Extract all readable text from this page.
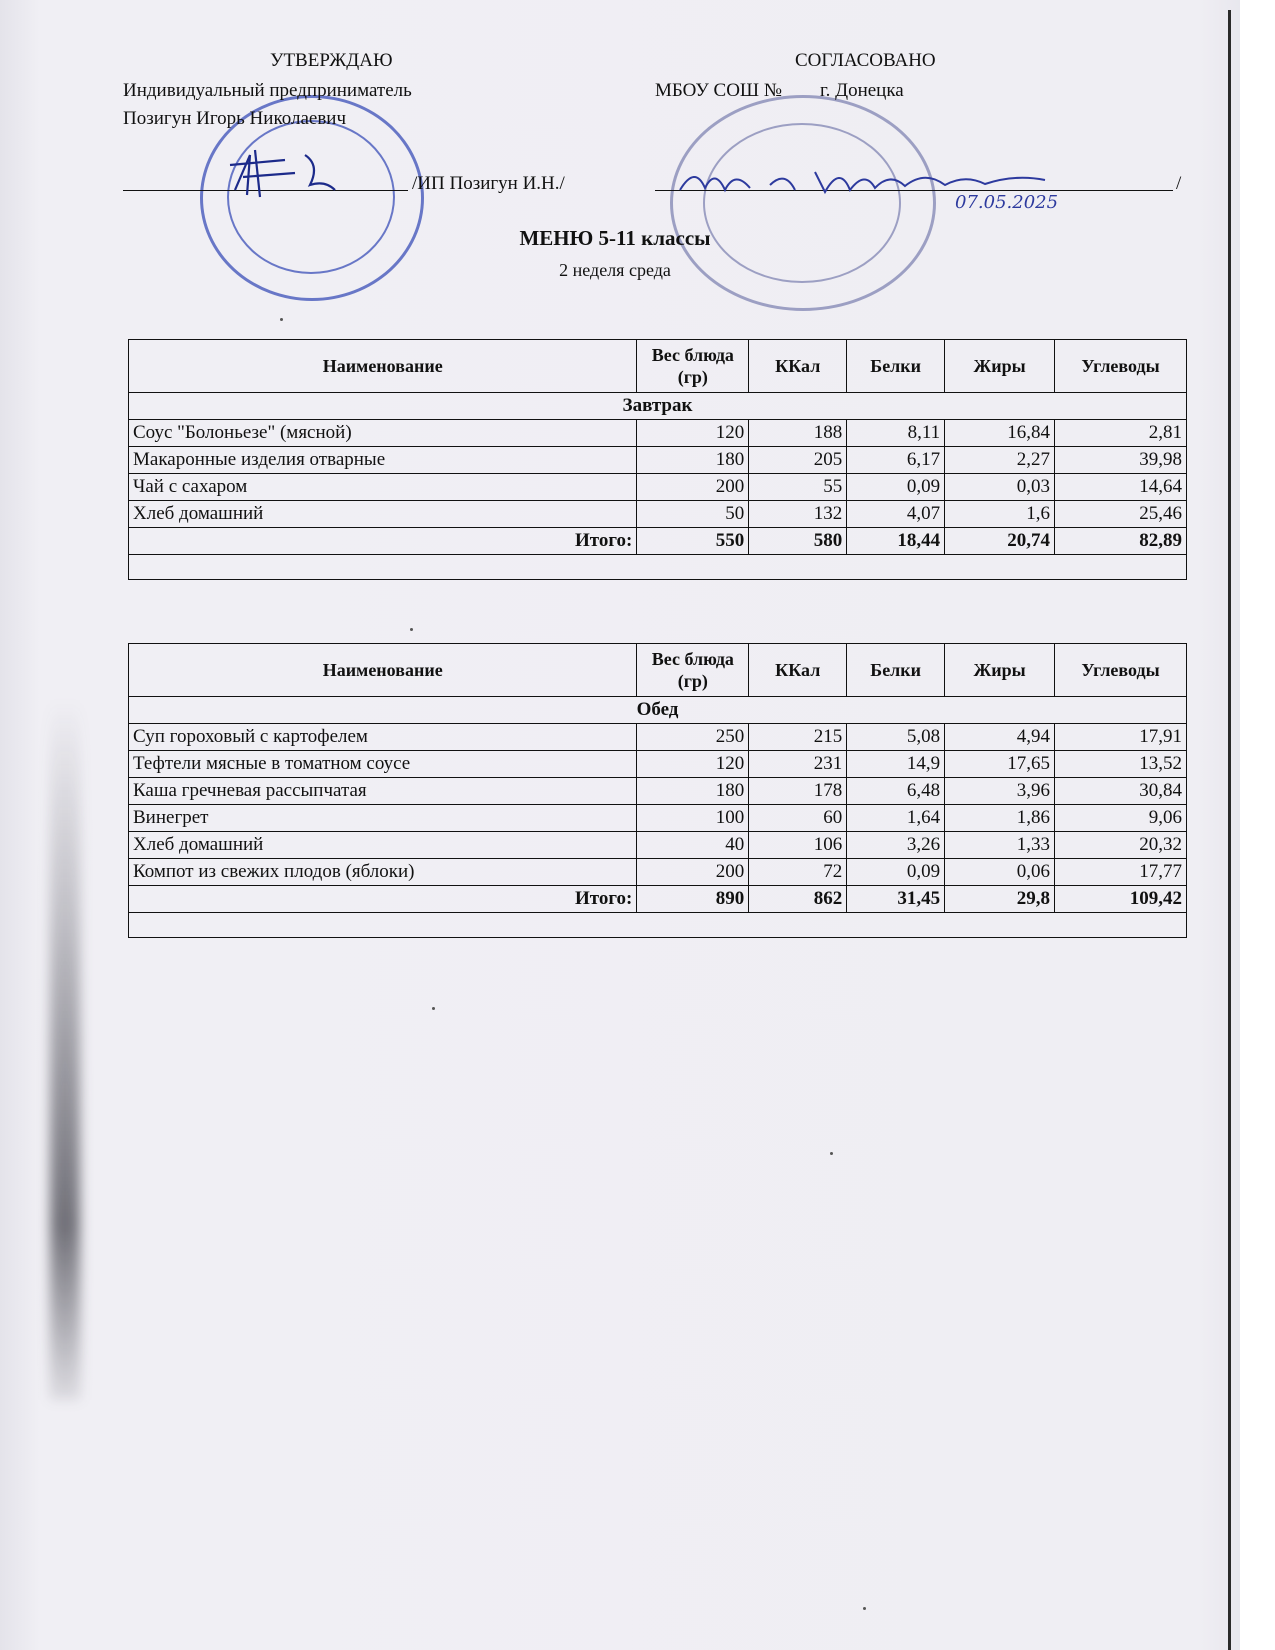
УТВЕРЖДАЮ
Индивидуальный предприниматель
Позигун Игорь Николаевич
/ИП Позигун И.Н./
СОГЛАСОВАНО
МБОУ СОШ №        г. Донецка
/
07.05.2025
МЕНЮ 5-11 классы
2 неделя среда
Наименование	Вес блюда (гр)	ККал	Белки	Жиры	Углеводы
Завтрак					
Соус "Болоньезе" (мясной)	120	188	8,11	16,84	2,81
Макаронные изделия отварные	180	205	6,17	2,27	39,98
Чай с сахаром	200	55	0,09	0,03	14,64
Хлеб домашний	50	132	4,07	1,6	25,46
Итого:	550	580	18,44	20,74	82,89

Наименование	Вес блюда (гр)	ККал	Белки	Жиры	Углеводы
Обед					
Суп гороховый с картофелем	250	215	5,08	4,94	17,91
Тефтели мясные в томатном соусе	120	231	14,9	17,65	13,52
Каша гречневая рассыпчатая	180	178	6,48	3,96	30,84
Винегрет	100	60	1,64	1,86	9,06
Хлеб домашний	40	106	3,26	1,33	20,32
Компот из свежих плодов (яблоки)	200	72	0,09	0,06	17,77
Итого:	890	862	31,45	29,8	109,42
